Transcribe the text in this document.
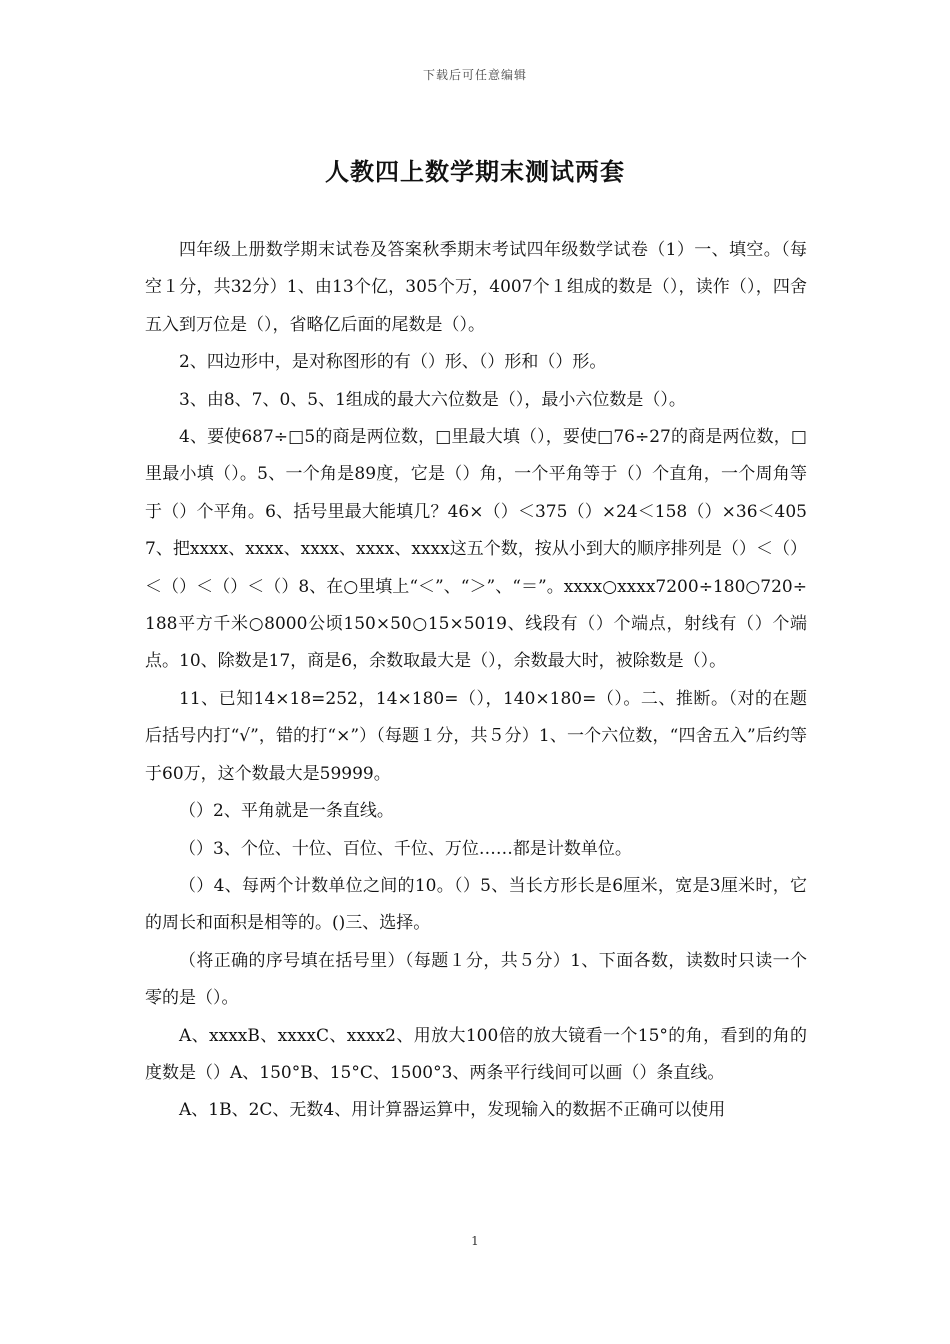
下载后可任意编辑
人教四上数学期末测试两套

四年级上册数学期末试卷及答案秋季期末考试四年级数学试卷（1）一、填空。（每空１分，共32分）1、由13个亿，305个万，4007个１组成的数是（），读作（），四舍五入到万位是（），省略亿后面的尾数是（）。

2、四边形中，是对称图形的有（）形、（）形和（）形。

3、由8、7、0、5、1组成的最大六位数是（），最小六位数是（）。

4、要使687÷□5的商是两位数，□里最大填（），要使□76÷27的商是两位数，□里最小填（）。5、一个角是89度，它是（）角，一个平角等于（）个直角，一个周角等于（）个平角。6、括号里最大能填几？46×（）＜375（）×24＜158（）×36＜4057、把xxxx、xxxx、xxxx、xxxx、xxxx这五个数，按从小到大的顺序排列是（）＜（）＜（）＜（）＜（）8、在○里填上“＜”、“＞”、“＝”。xxxx○xxxx7200÷180○720÷188平方千米○8000公顷150×50○15×5019、线段有（）个端点，射线有（）个端点。10、除数是17，商是6，余数取最大是（），余数最大时，被除数是（）。

11、已知14×18=252，14×180=（），140×180=（）。二、推断。（对的在题后括号内打“√”，错的打“×”）（每题１分，共５分）1、一个六位数，“四舍五入”后约等于60万，这个数最大是59999。

（）2、平角就是一条直线。

（）3、个位、十位、百位、千位、万位……都是计数单位。

（）4、每两个计数单位之间的10。（）5、当长方形长是6厘米，宽是3厘米时，它的周长和面积是相等的。()三、选择。

（将正确的序号填在括号里）（每题１分，共５分）1、下面各数，读数时只读一个零的是（）。

A、xxxxB、xxxxC、xxxx2、用放大100倍的放大镜看一个15°的角，看到的角的度数是（）A、150°B、15°C、1500°3、两条平行线间可以画（）条直线。

A、1B、2C、无数4、用计算器运算中，发现输入的数据不正确可以使用

1
